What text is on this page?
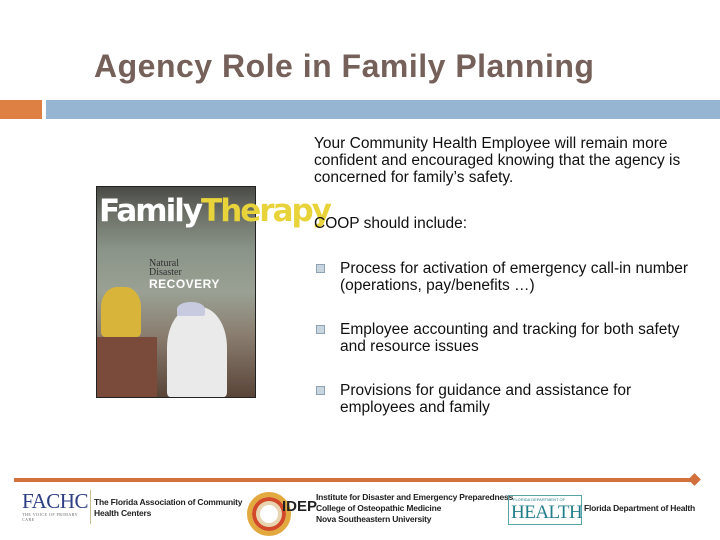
Agency Role in Family Planning
FamilyTherapy
Natural Disaster
RECOVERY

Your Community Health Employee will remain more confident and encouraged knowing that the agency is concerned for family’s safety.

COOP should include:

Process for activation of emergency call-in number (operations, pay/benefits …)
Employee accounting and tracking for both safety and resource issues
Provisions for guidance and assistance for employees and family
FACHC
THE VOICE OF PRIMARY CARE
The Florida Association of Community
Health Centers	IDEP
Institute for Disaster and Emergency Preparedness
College of Osteopathic Medicine
Nova Southeastern University
FLORIDA DEPARTMENT OF
HEALTH Florida Department of Health
